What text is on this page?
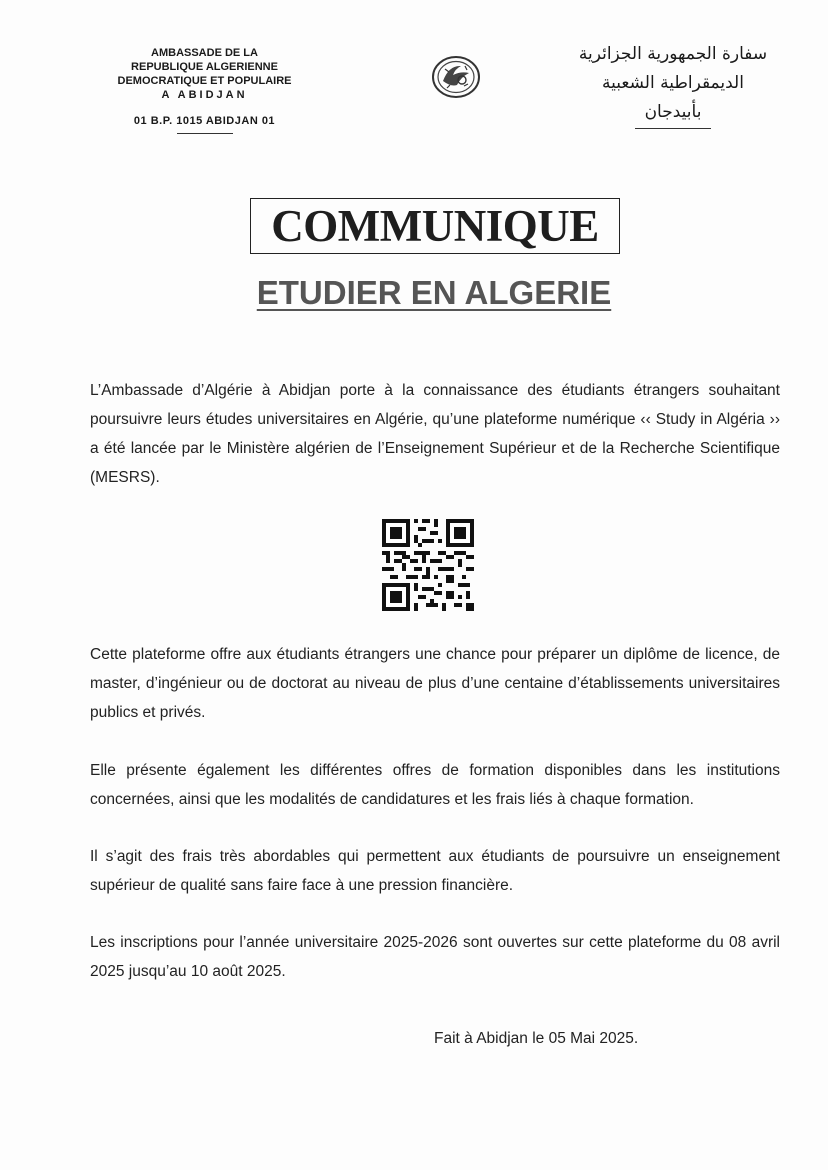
AMBASSADE DE LA
REPUBLIQUE ALGERIENNE
DEMOCRATIQUE ET POPULAIRE
A ABIDJAN
01 B.P. 1015 ABIDJAN 01
سفارة الجمهورية الجزائرية
الديمقراطية الشعبية
بأبيدجان
COMMUNIQUE
ETUDIER EN ALGERIE

L’Ambassade d’Algérie à Abidjan porte à la connaissance des étudiants étrangers souhaitant poursuivre leurs études universitaires en Algérie, qu’une plateforme numérique ‹‹ Study in Algéria ›› a été lancée par le Ministère algérien de l’Enseignement Supérieur et de la Recherche Scientifique (MESRS).

Cette plateforme offre aux étudiants étrangers une chance pour préparer un diplôme de licence, de master, d’ingénieur ou de doctorat au niveau de plus d’une centaine d’établissements universitaires publics et privés.

Elle présente également les différentes offres de formation disponibles dans les institutions concernées, ainsi que les modalités de candidatures et les frais liés à chaque formation.

Il s’agit des frais très abordables qui permettent aux étudiants de poursuivre un enseignement supérieur de qualité sans faire face à une pression financière.

Les inscriptions pour l’année universitaire 2025-2026 sont ouvertes sur cette plateforme du 08 avril 2025 jusqu’au 10 août 2025.

Fait à Abidjan le 05 Mai 2025.
